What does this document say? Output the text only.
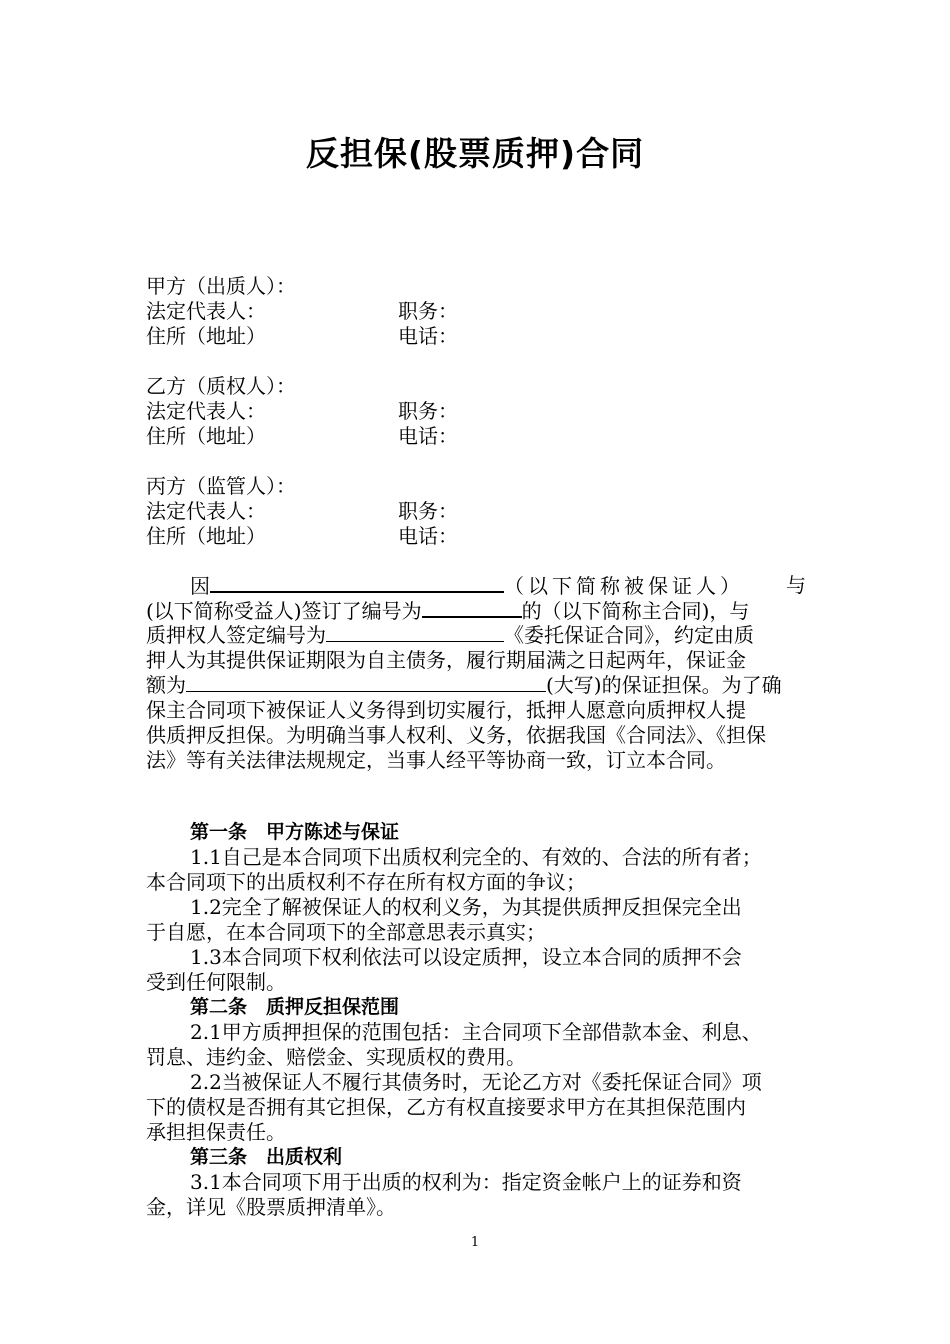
反担保(股票质押)合同
甲方（出质人）：
法定代表人：	职务：
住所（地址）	电话：
乙方（质权人）：
法定代表人：	职务：
住所（地址）	电话：
丙方（监管人）：
法定代表人：	职务：
住所（地址）	电话：
因	（以下简称被保证人） 与
(以下简称受益人)签订了编号为	的（以下简称主合同)，与
质押权人签定编号为	《委托保证合同》，约定由质
押人为其提供保证期限为自主债务，履行期届满之日起两年，保证金
额为	(大写)的保证担保。为了确
保主合同项下被保证人义务得到切实履行，抵押人愿意向质押权人提
供质押反担保。为明确当事人权利、义务，依据我国《合同法》、《担保
法》等有关法律法规规定，当事人经平等协商一致，订立本合同。
第一条　甲方陈述与保证
1.1自己是本合同项下出质权利完全的、有效的、合法的所有者；
本合同项下的出质权利不存在所有权方面的争议；
1.2完全了解被保证人的权利义务，为其提供质押反担保完全出
于自愿，在本合同项下的全部意思表示真实；
1.3本合同项下权利依法可以设定质押，设立本合同的质押不会
受到任何限制。
第二条　质押反担保范围
2.1甲方质押担保的范围包括：主合同项下全部借款本金、利息、
罚息、违约金、赔偿金、实现质权的费用。
2.2当被保证人不履行其债务时，无论乙方对《委托保证合同》项
下的债权是否拥有其它担保，乙方有权直接要求甲方在其担保范围内
承担担保责任。
第三条　出质权利
3.1本合同项下用于出质的权利为：指定资金帐户上的证券和资
金，详见《股票质押清单》。
1
